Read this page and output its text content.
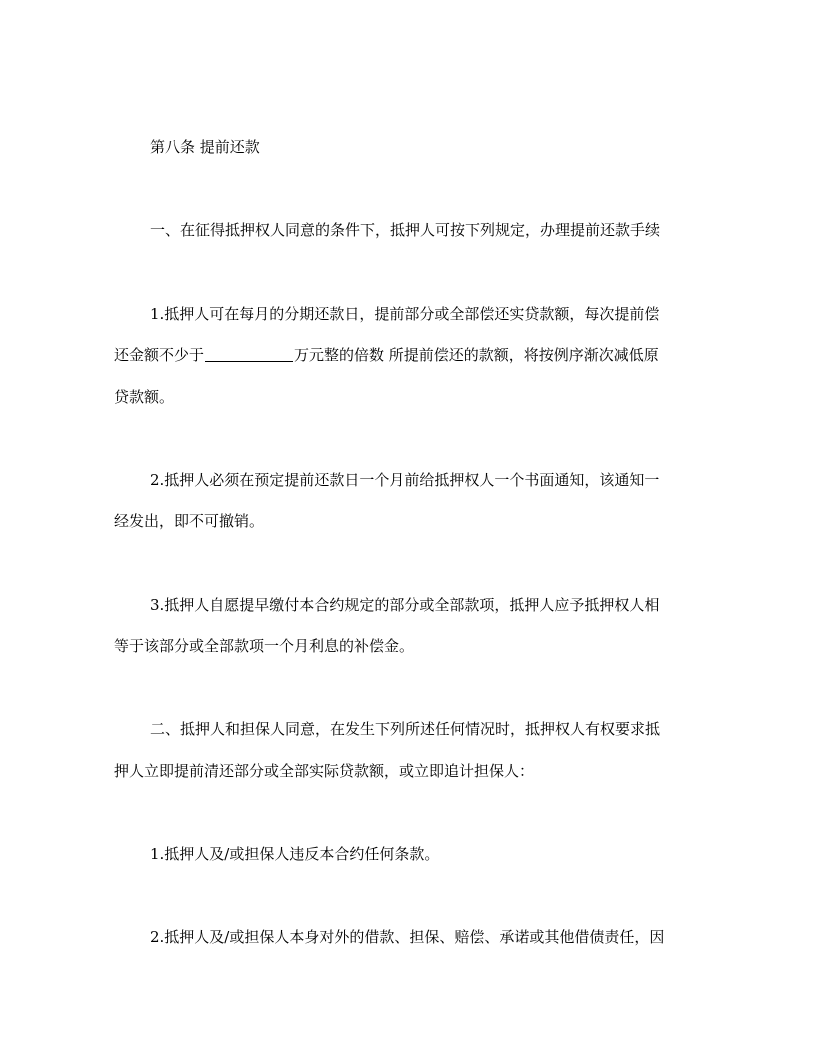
第八条 提前还款
一、在征得抵押权人同意的条件下，抵押人可按下列规定，办理提前还款手续
1.抵押人可在每月的分期还款日，提前部分或全部偿还实贷款额，每次提前偿
还金额不少于	万元整的倍数 所提前偿还的款额，将按例序渐次减低原
贷款额。
2.抵押人必须在预定提前还款日一个月前给抵押权人一个书面通知，该通知一
经发出，即不可撤销。
3.抵押人自愿提早缴付本合约规定的部分或全部款项，抵押人应予抵押权人相
等于该部分或全部款项一个月利息的补偿金。
二、抵押人和担保人同意，在发生下列所述任何情况时，抵押权人有权要求抵
押人立即提前清还部分或全部实际贷款额，或立即追计担保人：
1.抵押人及/或担保人违反本合约任何条款。
2.抵押人及/或担保人本身对外的借款、担保、赔偿、承诺或其他借债责任，因
